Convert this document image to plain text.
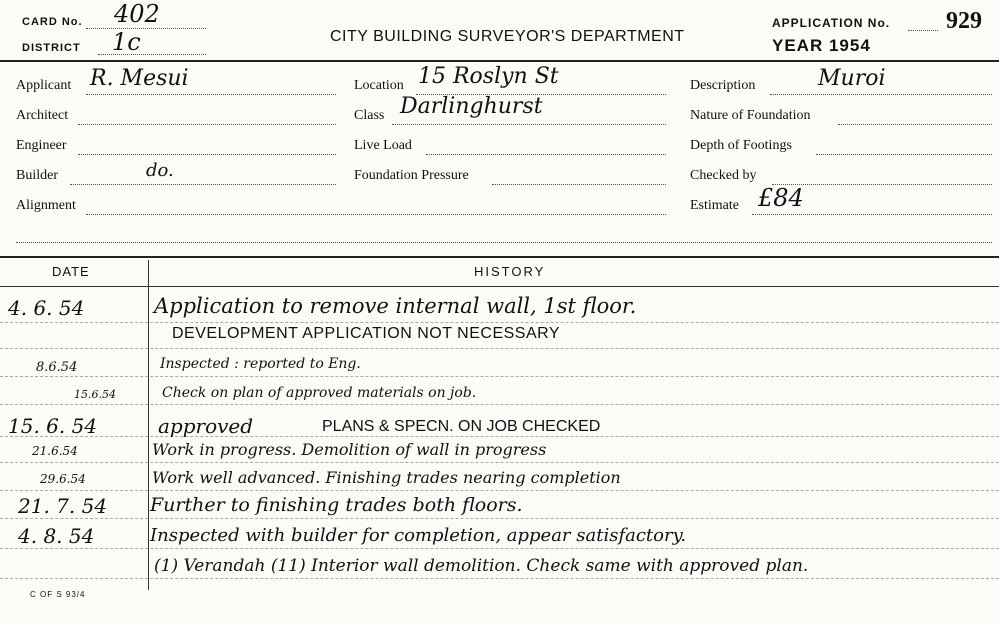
CARD No. 402
DISTRICT 1c	CITY BUILDING SURVEYOR'S DEPARTMENT
APPLICATION No. 929
YEAR 1954
Applicant R. Mesui
Architect
Engineer
Builder	do.
Alignment
Location 15 Roslyn St
Class Darlinghurst
Live Load
Foundation Pressure
Description	Muroi
Nature of Foundation
Depth of Footings
Checked by
Estimate £84
DATE	HISTORY
4. 6. 54	Application to remove internal wall, 1st floor.
DEVELOPMENT APPLICATION NOT NECESSARY
8.6.54	Inspected : reported to Eng.
15.6.54	Check on plan of approved materials on job.
15. 6. 54	approved	PLANS & SPECN. ON JOB CHECKED
21.6.54	Work in progress. Demolition of wall in progress
29.6.54	Work well advanced. Finishing trades nearing completion
21. 7. 54 Further to finishing trades both floors.
4. 8. 54	Inspected with builder for completion, appear satisfactory.
(1) Verandah (11) Interior wall demolition. Check same with approved plan.
C OF S 93/4
